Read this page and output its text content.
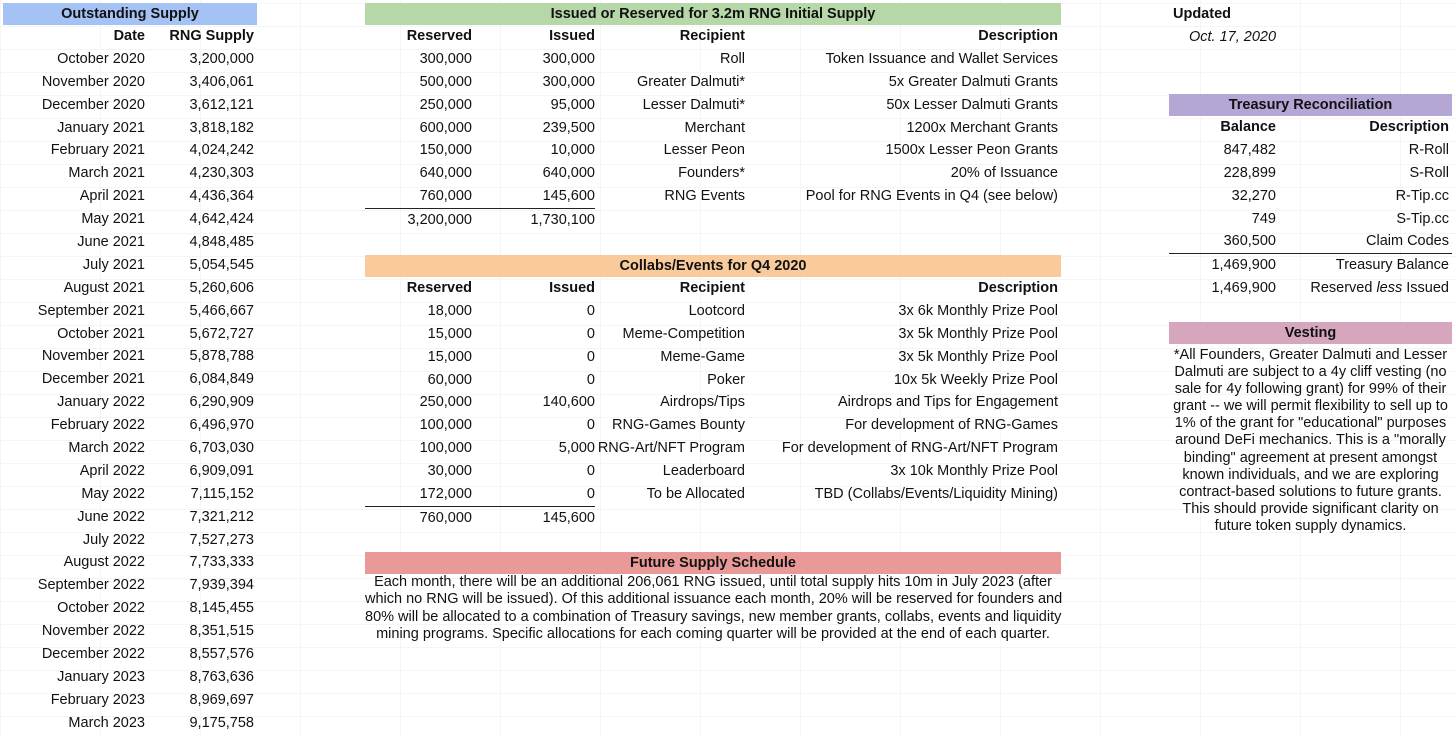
Outstanding Supply
Date RNG Supply
October 2020	3,200,000
November 2020	3,406,061
December 2020	3,612,121
January 2021	3,818,182
February 2021	4,024,242
March 2021	4,230,303
April 2021	4,436,364
May 2021	4,642,424
June 2021	4,848,485
July 2021	5,054,545
August 2021	5,260,606
September 2021	5,466,667
October 2021	5,672,727
November 2021	5,878,788
December 2021	6,084,849
January 2022	6,290,909
February 2022	6,496,970
March 2022	6,703,030
April 2022	6,909,091
May 2022	7,115,152
June 2022	7,321,212
July 2022	7,527,273
August 2022	7,733,333
September 2022	7,939,394
October 2022	8,145,455
November 2022	8,351,515
December 2022	8,557,576
January 2023	8,763,636
February 2023	8,969,697
March 2023	9,175,758
Issued or Reserved for 3.2m RNG Initial Supply
Reserved	Issued	Recipient	Description
300,000	300,000	Roll	Token Issuance and Wallet Services
500,000	300,000	Greater Dalmuti*	5x Greater Dalmuti Grants
250,000	95,000	Lesser Dalmuti*	50x Lesser Dalmuti Grants
600,000	239,500	Merchant	1200x Merchant Grants
150,000	10,000	Lesser Peon	1500x Lesser Peon Grants
640,000	640,000	Founders*	20% of Issuance
760,000	145,600	RNG Events	Pool for RNG Events in Q4 (see below)
3,200,000	1,730,100
Collabs/Events for Q4 2020
Reserved	Issued	Recipient	Description
18,000	0	Lootcord	3x 6k Monthly Prize Pool
15,000	0 Meme-Competition	3x 5k Monthly Prize Pool
15,000	0	Meme-Game	3x 5k Monthly Prize Pool
60,000	0	Poker	10x 5k Weekly Prize Pool
250,000	140,600	Airdrops/Tips	Airdrops and Tips for Engagement
100,000	0 RNG-Games Bounty	For development of RNG-Games
100,000	5,000 RNG-Art/NFT Program	For development of RNG-Art/NFT Program
30,000	0	Leaderboard	3x 10k Monthly Prize Pool
172,000	0	To be Allocated	TBD (Collabs/Events/Liquidity Mining)
760,000	145,600
Future Supply Schedule
Each month, there will be an additional 206,061 RNG issued, until total supply hits 10m in July 2023 (after
which no RNG will be issued). Of this additional issuance each month, 20% will be reserved for founders and
80% will be allocated to a combination of Treasury savings, new member grants, collabs, events and liquidity
mining programs. Specific allocations for each coming quarter will be provided at the end of each quarter.
Updated
Oct. 17, 2020
Treasury Reconciliation
Balance	Description
847,482	R-Roll
228,899	S-Roll
32,270	R-Tip.cc
749	S-Tip.cc
360,500	Claim Codes
1,469,900	Treasury Balance
1,469,900 Reserved less Issued
Vesting
*All Founders, Greater Dalmuti and Lesser
Dalmuti are subject to a 4y cliff vesting (no
sale for 4y following grant) for 99% of their
grant -- we will permit flexibility to sell up to
1% of the grant for "educational" purposes
around DeFi mechanics. This is a "morally
binding" agreement at present amongst
known individuals, and we are exploring
contract-based solutions to future grants.
This should provide significant clarity on
future token supply dynamics.
